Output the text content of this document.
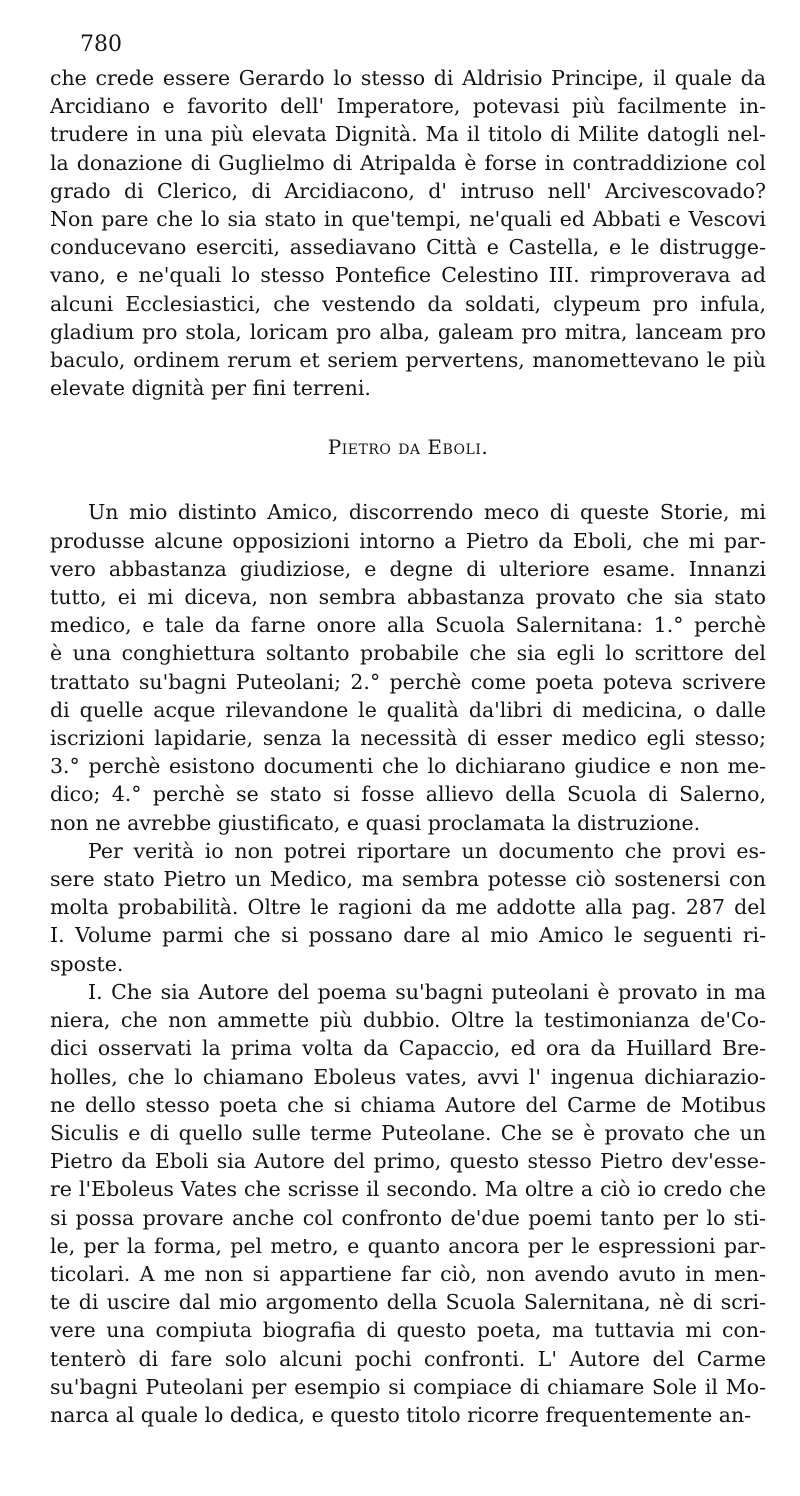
780
che crede essere Gerardo lo stesso di Aldrisio Principe, il quale da
Arcidiano e favorito dell' Imperatore, potevasi più facilmente in-
trudere in una più elevata Dignità. Ma il titolo di Milite datogli nel-
la donazione di Guglielmo di Atripalda è forse in contraddizione col
grado di Clerico, di Arcidiacono, d' intruso nell' Arcivescovado?
Non pare che lo sia stato in que'tempi, ne'quali ed Abbati e Vescovi
conducevano eserciti, assediavano Città e Castella, e le distrugge-
vano, e ne'quali lo stesso Pontefice Celestino III. rimproverava ad
alcuni Ecclesiastici, che vestendo da soldati, clypeum pro infula,
gladium pro stola, loricam pro alba, galeam pro mitra, lanceam pro
baculo, ordinem rerum et seriem pervertens, manomettevano le più
elevate dignità per fini terreni.
Pietro da Eboli.
Un mio distinto Amico, discorrendo meco di queste Storie, mi
produsse alcune opposizioni intorno a Pietro da Eboli, che mi par-
vero abbastanza giudiziose, e degne di ulteriore esame. Innanzi
tutto, ei mi diceva, non sembra abbastanza provato che sia stato
medico, e tale da farne onore alla Scuola Salernitana: 1.° perchè
è una conghiettura soltanto probabile che sia egli lo scrittore del
trattato su'bagni Puteolani; 2.° perchè come poeta poteva scrivere
di quelle acque rilevandone le qualità da'libri di medicina, o dalle
iscrizioni lapidarie, senza la necessità di esser medico egli stesso;
3.° perchè esistono documenti che lo dichiarano giudice e non me-
dico; 4.° perchè se stato si fosse allievo della Scuola di Salerno,
non ne avrebbe giustificato, e quasi proclamata la distruzione.
Per verità io non potrei riportare un documento che provi es-
sere stato Pietro un Medico, ma sembra potesse ciò sostenersi con
molta probabilità. Oltre le ragioni da me addotte alla pag. 287 del
I. Volume parmi che si possano dare al mio Amico le seguenti ri-
sposte.
I. Che sia Autore del poema su'bagni puteolani è provato in ma
niera, che non ammette più dubbio. Oltre la testimonianza de'Co-
dici osservati la prima volta da Capaccio, ed ora da Huillard Bre-
holles, che lo chiamano Eboleus vates, avvi l' ingenua dichiarazio-
ne dello stesso poeta che si chiama Autore del Carme de Motibus
Siculis e di quello sulle terme Puteolane. Che se è provato che un
Pietro da Eboli sia Autore del primo, questo stesso Pietro dev'esse-
re l'Eboleus Vates che scrisse il secondo. Ma oltre a ciò io credo che
si possa provare anche col confronto de'due poemi tanto per lo sti-
le, per la forma, pel metro, e quanto ancora per le espressioni par-
ticolari. A me non si appartiene far ciò, non avendo avuto in men-
te di uscire dal mio argomento della Scuola Salernitana, nè di scri-
vere una compiuta biografia di questo poeta, ma tuttavia mi con-
tenterò di fare solo alcuni pochi confronti. L' Autore del Carme
su'bagni Puteolani per esempio si compiace di chiamare Sole il Mo-
narca al quale lo dedica, e questo titolo ricorre frequentemente an-
